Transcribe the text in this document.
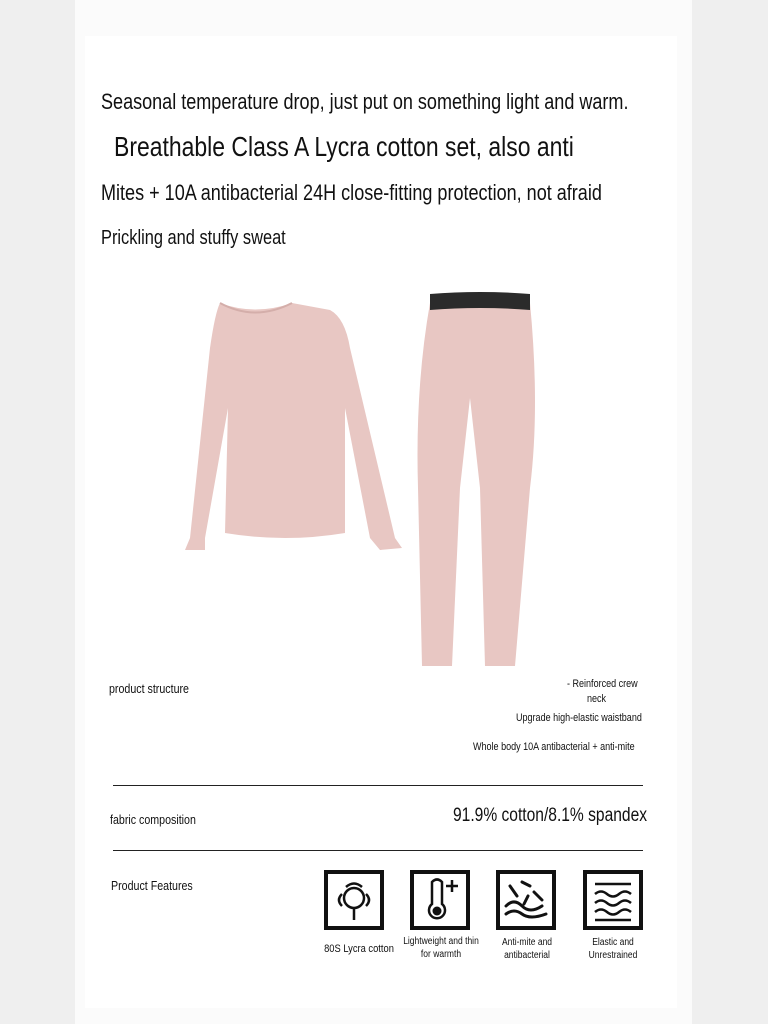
Seasonal temperature drop, just put on something light and warm.
Breathable Class A Lycra cotton set, also anti
Mites + 10A antibacterial 24H close-fitting protection, not afraid
Prickling and stuffy sweat
product structure	- Reinforced crew
neck
Upgrade high-elastic waistband
Whole body 10A antibacterial + anti-mite
fabric composition	91.9% cotton/8.1% spandex
Product Features
80S Lycra cotton
Lightweight and thin for warmth
Anti-mite and antibacterial
Elastic and Unrestrained
